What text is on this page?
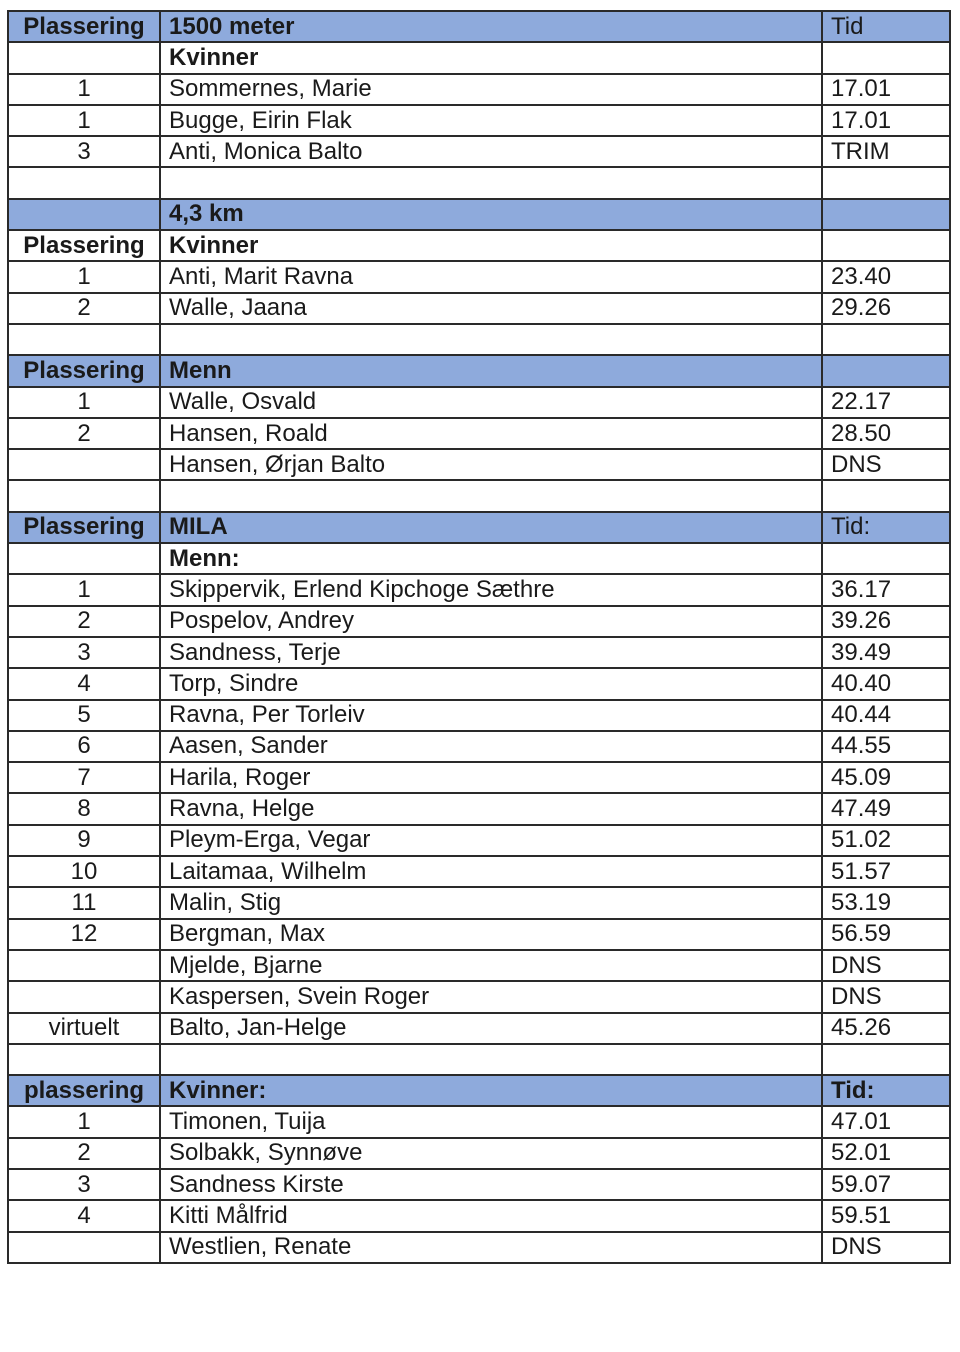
Plassering	1500 meter	Tid
	Kvinner	
1	Sommernes, Marie	17.01
1	Bugge, Eirin Flak	17.01
3	Anti, Monica Balto	TRIM

	4,3 km	
Plassering	Kvinner	
1	Anti, Marit Ravna	23.40
2	Walle, Jaana	29.26

Plassering	Menn	
1	Walle, Osvald	22.17
2	Hansen, Roald	28.50
	Hansen, Ørjan Balto	DNS

Plassering	MILA	Tid:
	Menn:	
1	Skippervik, Erlend Kipchoge Sæthre	36.17
2	Pospelov, Andrey	39.26
3	Sandness, Terje	39.49
4	Torp, Sindre	40.40
5	Ravna, Per Torleiv	40.44
6	Aasen, Sander	44.55
7	Harila, Roger	45.09
8	Ravna, Helge	47.49
9	Pleym-Erga, Vegar	51.02
10	Laitamaa, Wilhelm	51.57
11	Malin, Stig	53.19
12	Bergman, Max	56.59
	Mjelde, Bjarne	DNS
	Kaspersen, Svein Roger	DNS
virtuelt	Balto, Jan-Helge	45.26

plassering	Kvinner:	Tid:
1	Timonen, Tuija	47.01
2	Solbakk, Synnøve	52.01
3	Sandness Kirste	59.07
4	Kitti Målfrid	59.51
	Westlien, Renate	DNS
